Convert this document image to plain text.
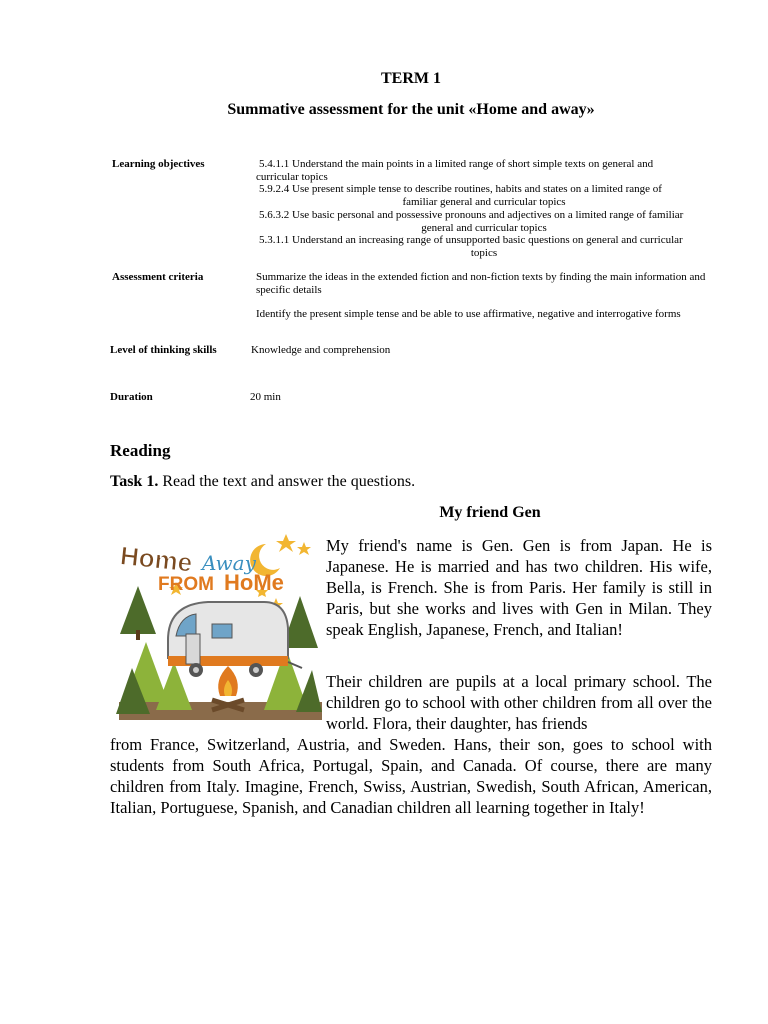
TERM 1
Summative assessment for the unit «Home and away»
Learning objectives	5.4.1.1 Understand the main points in a limited range of short simple texts on general and
curricular topics
5.9.2.4 Use present simple tense to describe routines, habits and states on a limited range of
familiar general and curricular topics
5.6.3.2 Use basic personal and possessive pronouns and adjectives on a limited range of familiar
general and curricular topics
5.3.1.1 Understand an increasing range of unsupported basic questions on general and curricular
topics
Assessment criteria	Summarize the ideas in the extended fiction and non-fiction texts by finding the main information and specific details
Identify the present simple tense and be able to use affirmative, negative and interrogative forms
Level of thinking skills	Knowledge and comprehension
Duration	20 min
Reading
Task 1. Read the text and answer the questions.
My friend Gen
Home Away
FROM HoMe
My friend's name is Gen. Gen is from Japan. He is Japanese. He is married and has two children. His wife, Bella, is French. She is from Paris. Her family is still in Paris, but she works and lives with Gen in Milan. They speak English, Japanese, French, and Italian!
Their children are pupils at a local primary school. The children go to school with other children from all over the world. Flora, their daughter, has friends
from France, Switzerland, Austria, and Sweden. Hans, their son, goes to school with students from South Africa, Portugal, Spain, and Canada. Of course, there are many children from Italy. Imagine, French, Swiss, Austrian, Swedish, South African, American, Italian, Portuguese, Spanish, and Canadian children all learning together in Italy!
